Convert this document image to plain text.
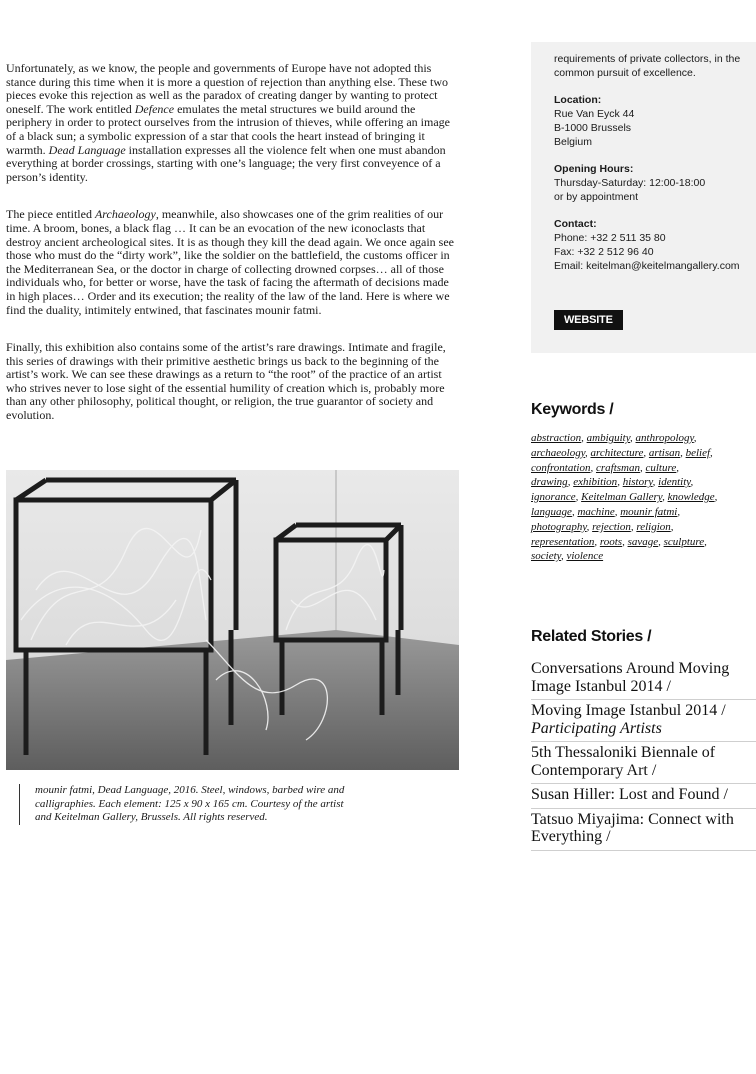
Unfortunately, as we know, the people and governments of Europe have not adopted this stance during this time when it is more a question of rejection than anything else. These two pieces evoke this rejection as well as the paradox of creating danger by wanting to protect oneself. The work entitled Defence emulates the metal structures we build around the periphery in order to protect ourselves from the intrusion of thieves, while offering an image of a black sun; a symbolic expression of a star that cools the heart instead of bringing it warmth. Dead Language installation expresses all the violence felt when one must abandon everything at border crossings, starting with one’s language; the very first conveyence of a person’s identity.

The piece entitled Archaeology, meanwhile, also showcases one of the grim realities of our time. A broom, bones, a black flag … It can be an evocation of the new iconoclasts that destroy ancient archeological sites. It is as though they kill the dead again. We once again see those who must do the “dirty work”, like the soldier on the battlefield, the customs officer in the Mediterranean Sea, or the doctor in charge of collecting drowned corpses… all of those individuals who, for better or worse, have the task of facing the aftermath of decisions made in high places… Order and its execution; the reality of the law of the land. Here is where we find the duality, intimitely entwined, that fascinates mounir fatmi.

Finally, this exhibition also contains some of the artist’s rare drawings. Intimate and fragile, this series of drawings with their primitive aesthetic brings us back to the beginning of the artist’s work. We can see these drawings as a return to “the root” of the practice of an artist who strives never to lose sight of the essential humility of creation which is, probably more than any other philosophy, political thought, or religion, the true guarantor of society and evolution.

mounir fatmi, Dead Language, 2016. Steel, windows, barbed wire and calligraphies. Each element: 125 x 90 x 165 cm. Courtesy of the artist and Keitelman Gallery, Brussels. All rights reserved.
requirements of private collectors, in the common pursuit of excellence.
Location:
Rue Van Eyck 44
B-1000 Brussels
Belgium
Opening Hours:
Thursday-Saturday: 12:00-18:00
or by appointment
Contact:
Phone: +32 2 511 35 80
Fax: +32 2 512 96 40
Email: keitelman@keitelmangallery.com
WEBSITE
Keywords /
abstraction, ambiguity, anthropology, archaeology, architecture, artisan, belief, confrontation, craftsman, culture, drawing, exhibition, history, identity, ignorance, Keitelman Gallery, knowledge, language, machine, mounir fatmi, photography, rejection, religion, representation, roots, savage, sculpture, society, violence
Related Stories /
Conversations Around Moving Image Istanbul 2014 /
Moving Image Istanbul 2014 /
Participating Artists
5th Thessaloniki Biennale of Contemporary Art /
Susan Hiller: Lost and Found /
Tatsuo Miyajima: Connect with Everything /
